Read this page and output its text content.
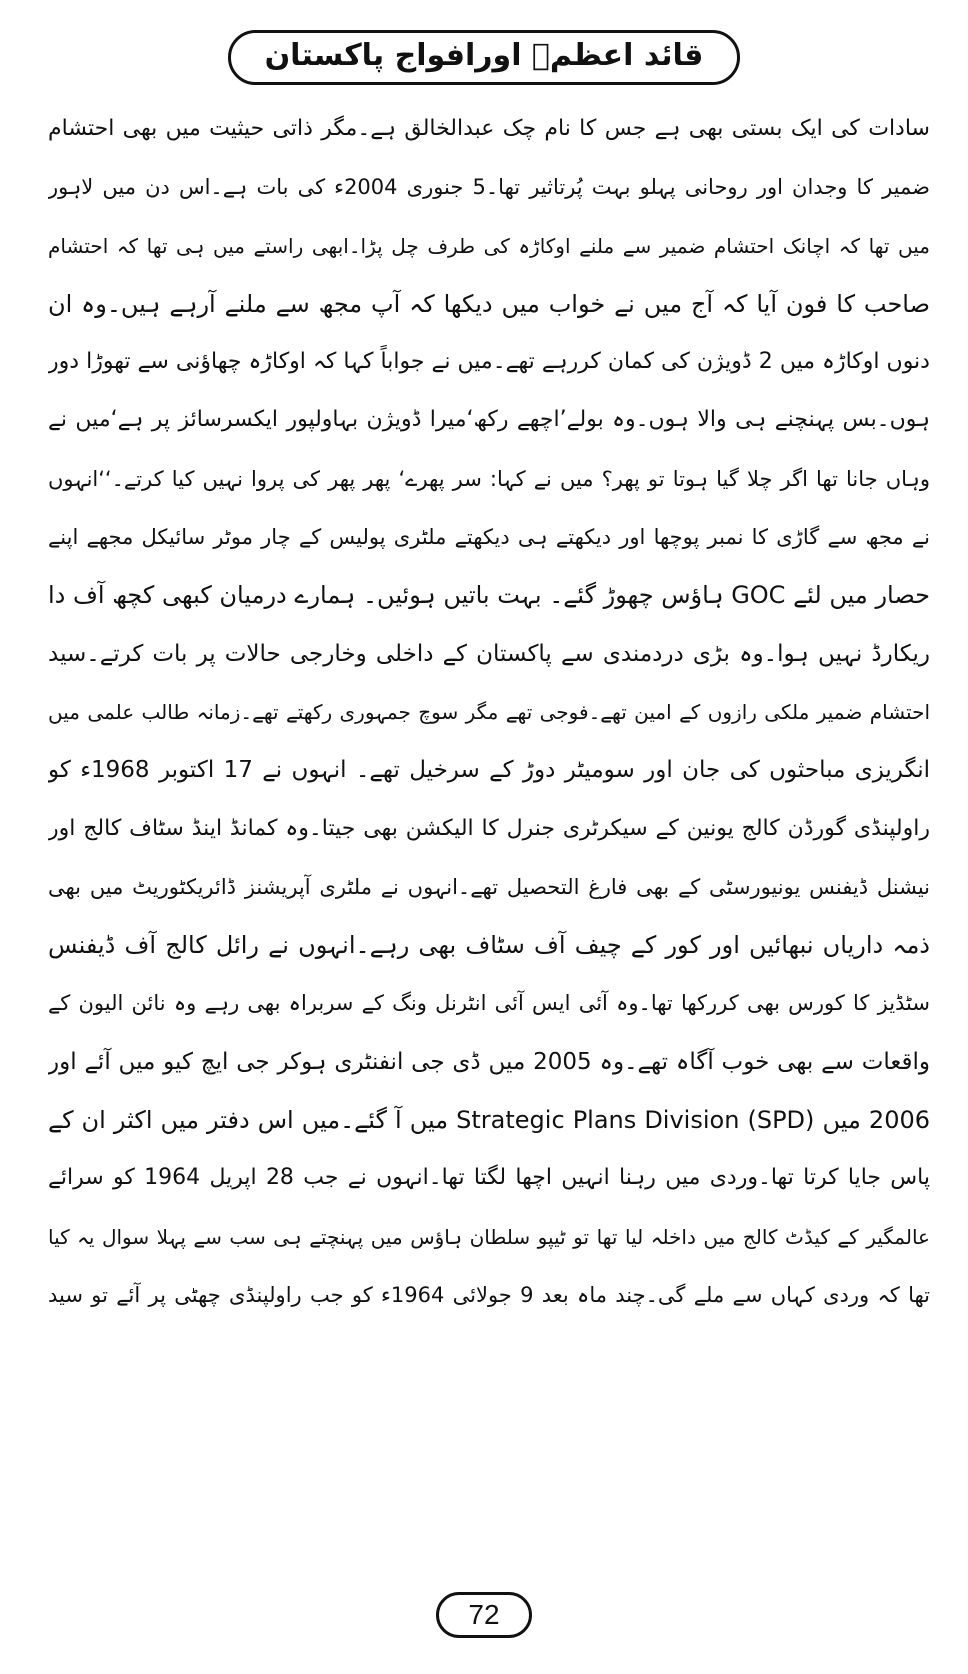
قائد اعظمؒ اورافواج پاکستان
سادات کی ایک بستی بھی ہے جس کا نام چک عبدالخالق ہے۔مگر ذاتی حیثیت میں بھی احتشام
ضمیر کا وجدان اور روحانی پہلو بہت پُرتاثیر تھا۔5 جنوری 2004ء کی بات ہے۔اس دن میں لاہور
میں تھا کہ اچانک احتشام ضمیر سے ملنے اوکاڑہ کی طرف چل پڑا۔ابھی راستے میں ہی تھا کہ احتشام
صاحب کا فون آیا کہ آج میں نے خواب میں دیکھا کہ آپ مجھ سے ملنے آرہے ہیں۔وہ ان
دنوں اوکاڑہ میں 2 ڈویژن کی کمان کررہے تھے۔میں نے جواباً کہا کہ اوکاڑہ چھاؤنی سے تھوڑا دور
ہوں۔بس پہنچنے ہی والا ہوں۔وہ بولے’اچھے رکھ‘میرا ڈویژن بہاولپور ایکسرسائز پر ہے‘میں نے
وہاں جانا تھا اگر چلا گیا ہوتا تو پھر؟ میں نے کہا: سر پھرے‘ پھر پھر کی پروا نہیں کیا کرتے۔‘‘انہوں
نے مجھ سے گاڑی کا نمبر پوچھا اور دیکھتے ہی دیکھتے ملٹری پولیس کے چار موٹر سائیکل مجھے اپنے
حصار میں لئے GOC ہاؤس چھوڑ گئے۔ بہت باتیں ہوئیں۔ ہمارے درمیان کبھی کچھ آف دا
ریکارڈ نہیں ہوا۔وہ بڑی دردمندی سے پاکستان کے داخلی وخارجی حالات پر بات کرتے۔سید
احتشام ضمیر ملکی رازوں کے امین تھے۔فوجی تھے مگر سوچ جمہوری رکھتے تھے۔زمانہ طالب علمی میں
انگریزی مباحثوں کی جان اور سومیٹر دوڑ کے سرخیل تھے۔ انہوں نے 17 اکتوبر 1968ء کو
راولپنڈی گورڈن کالج یونین کے سیکرٹری جنرل کا الیکشن بھی جیتا۔وہ کمانڈ اینڈ سٹاف کالج اور
نیشنل ڈیفنس یونیورسٹی کے بھی فارغ التحصیل تھے۔انہوں نے ملٹری آپریشنز ڈائریکٹوریٹ میں بھی
ذمہ داریاں نبھائیں اور کور کے چیف آف سٹاف بھی رہے۔انہوں نے رائل کالج آف ڈیفنس
سٹڈیز کا کورس بھی کررکھا تھا۔وہ آئی ایس آئی انٹرنل ونگ کے سربراہ بھی رہے وہ نائن الیون کے
واقعات سے بھی خوب آگاہ تھے۔وہ 2005 میں ڈی جی انفنٹری ہوکر جی ایچ کیو میں آئے اور
2006 میں Strategic Plans Division (SPD) میں آ گئے۔میں اس دفتر میں اکثر ان کے
پاس جایا کرتا تھا۔وردی میں رہنا انہیں اچھا لگتا تھا۔انہوں نے جب 28 اپریل 1964 کو سرائے
عالمگیر کے کیڈٹ کالج میں داخلہ لیا تھا تو ٹیپو سلطان ہاؤس میں پہنچتے ہی سب سے پہلا سوال یہ کیا
تھا کہ وردی کہاں سے ملے گی۔چند ماہ بعد 9 جولائی 1964ء کو جب راولپنڈی چھٹی پر آئے تو سید
72
